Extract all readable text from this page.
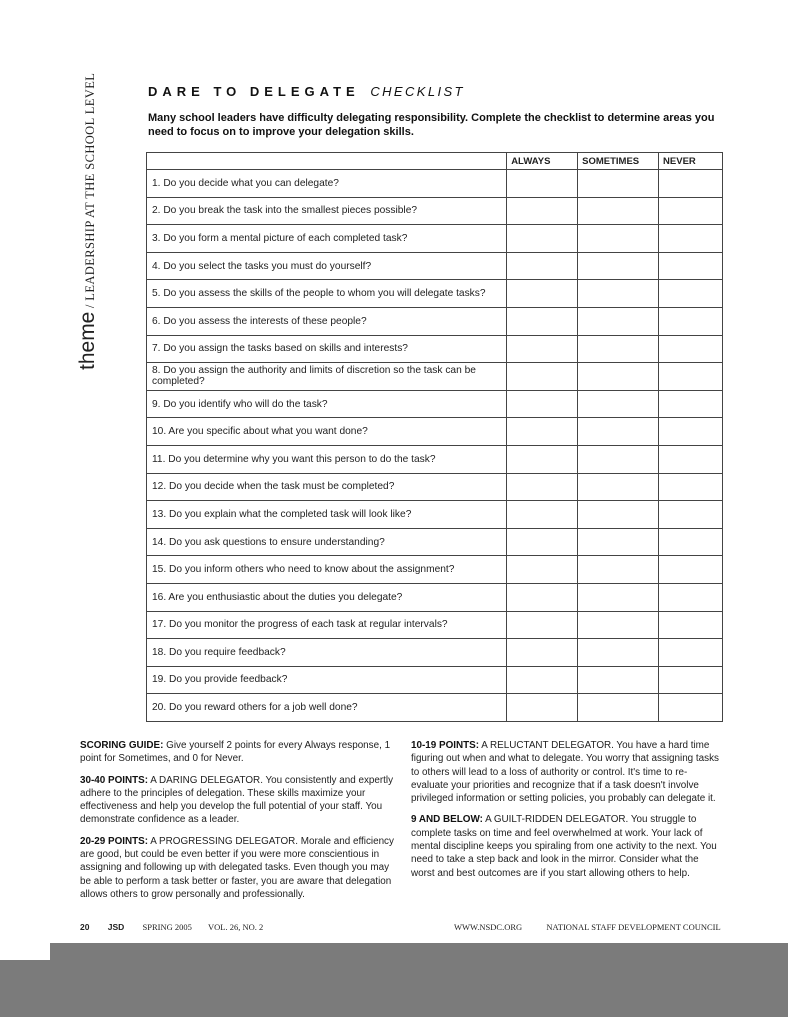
theme / LEADERSHIP AT THE SCHOOL LEVEL	DARE TO DELEGATE CHECKLIST
Many school leaders have difficulty delegating responsibility. Complete the checklist to determine areas you need to focus on to improve your delegation skills.
	ALWAYS	SOMETIMES	NEVER
1. Do you decide what you can delegate?			
2. Do you break the task into the smallest pieces possible?			
3. Do you form a mental picture of each completed task?			
4. Do you select the tasks you must do yourself?			
5. Do you assess the skills of the people to whom you will delegate tasks?			
6. Do you assess the interests of these people?			
7. Do you assign the tasks based on skills and interests?			
8. Do you assign the authority and limits of discretion so the task can be completed?			
9. Do you identify who will do the task?			
10. Are you specific about what you want done?			
11. Do you determine why you want this person to do the task?			
12. Do you decide when the task must be completed?			
13. Do you explain what the completed task will look like?			
14. Do you ask questions to ensure understanding?			
15. Do you inform others who need to know about the assignment?			
16. Are you enthusiastic about the duties you delegate?			
17. Do you monitor the progress of each task at regular intervals?			
18. Do you require feedback?			
19. Do you provide feedback?			
20. Do you reward others for a job well done?			

SCORING GUIDE: Give yourself 2 points for every Always response, 1 point for Sometimes, and 0 for Never.

30-40 POINTS: A DARING DELEGATOR. You consistently and expertly adhere to the principles of delegation. These skills maximize your effectiveness and help you develop the full potential of your staff. You demonstrate confidence as a leader.

20-29 POINTS: A PROGRESSING DELEGATOR. Morale and efficiency are good, but could be even better if you were more conscientious in assigning and following up with delegated tasks. Even though you may be able to perform a task better or faster, you are aware that delegation allows others to grow personally and professionally.

10-19 POINTS: A RELUCTANT DELEGATOR. You have a hard time figuring out when and what to delegate. You worry that assigning tasks to others will lead to a loss of authority or control. It's time to re-evaluate your priorities and recognize that if a task doesn't involve privileged information or setting policies, you probably can delegate it.

9 AND BELOW: A GUILT-RIDDEN DELEGATOR. You struggle to complete tasks on time and feel overwhelmed at work. Your lack of mental discipline keeps you spiraling from one activity to the next. You need to take a step back and look in the mirror. Consider what the worst and best outcomes are if you start allowing others to help.

20 JSD SPRING 2005 VOL. 26, NO. 2	WWW.NSDC.ORG	NATIONAL STAFF DEVELOPMENT COUNCIL
